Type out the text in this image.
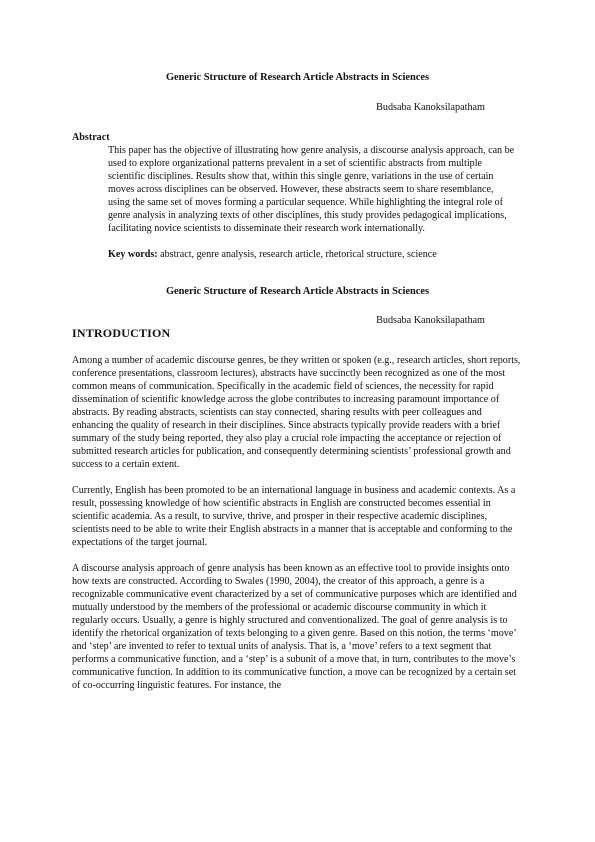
Generic Structure of Research Article Abstracts in Sciences

Budsaba Kanoksilapatham

Abstract

This paper has the objective of illustrating how genre analysis, a discourse analysis approach, can be used to explore organizational patterns prevalent in a set of scientific abstracts from multiple scientific disciplines. Results show that, within this single genre, variations in the use of certain moves across disciplines can be observed. However, these abstracts seem to share resemblance, using the same set of moves forming a particular sequence. While highlighting the integral role of genre analysis in analyzing texts of other disciplines, this study provides pedagogical implications, facilitating novice scientists to disseminate their research work internationally.

Key words: abstract, genre analysis, research article, rhetorical structure, science

Generic Structure of Research Article Abstracts in Sciences

Budsaba Kanoksilapatham

INTRODUCTION

Among a number of academic discourse genres, be they written or spoken (e.g., research articles, short reports, conference presentations, classroom lectures), abstracts have succinctly been recognized as one of the most common means of communication. Specifically in the academic field of sciences, the necessity for rapid dissemination of scientific knowledge across the globe contributes to increasing paramount importance of abstracts. By reading abstracts, scientists can stay connected, sharing results with peer colleagues and enhancing the quality of research in their disciplines. Since abstracts typically provide readers with a brief summary of the study being reported, they also play a crucial role impacting the acceptance or rejection of submitted research articles for publication, and consequently determining scientists’ professional growth and success to a certain extent.

Currently, English has been promoted to be an international language in business and academic contexts. As a result, possessing knowledge of how scientific abstracts in English are constructed becomes essential in scientific academia. As a result, to survive, thrive, and prosper in their respective academic disciplines, scientists need to be able to write their English abstracts in a manner that is acceptable and conforming to the expectations of the target journal.

A discourse analysis approach of genre analysis has been known as an effective tool to provide insights onto how texts are constructed. According to Swales (1990, 2004), the creator of this approach, a genre is a recognizable communicative event characterized by a set of communicative purposes which are identified and mutually understood by the members of the professional or academic discourse community in which it regularly occurs. Usually, a genre is highly structured and conventionalized. The goal of genre analysis is to identify the rhetorical organization of texts belonging to a given genre. Based on this notion, the terms ‘move’ and ‘step’ are invented to refer to textual units of analysis. That is, a ‘move’ refers to a text segment that performs a communicative function, and a ‘step’ is a subunit of a move that, in turn, contributes to the move’s communicative function. In addition to its communicative function, a move can be recognized by a certain set of co-occurring linguistic features. For instance, the
